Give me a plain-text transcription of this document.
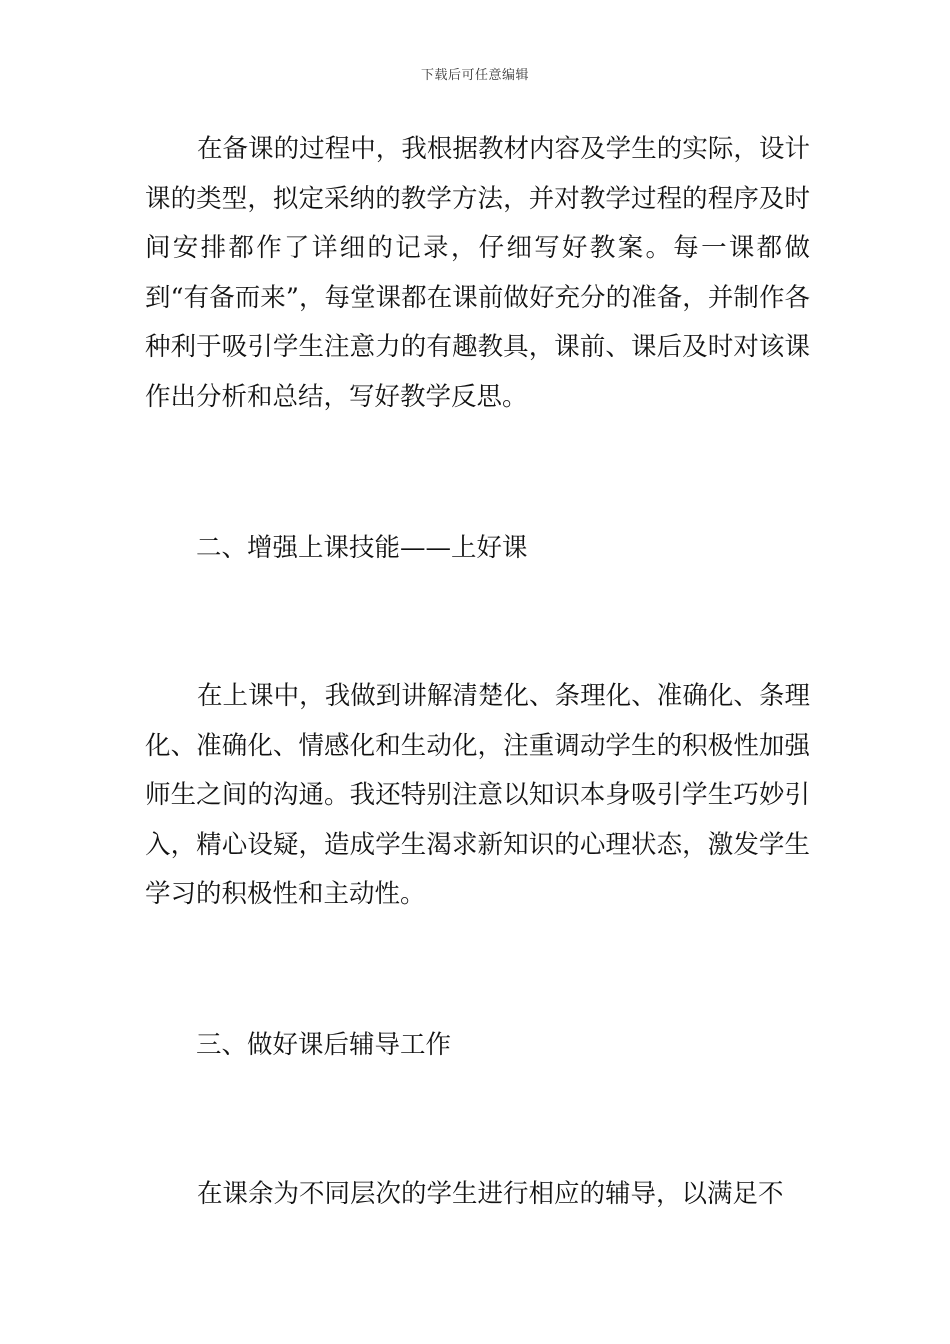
下载后可任意编辑

在备课的过程中，我根据教材内容及学生的实际，设计课的类型，拟定采纳的教学方法，并对教学过程的程序及时间安排都作了详细的记录，仔细写好教案。每一课都做到“有备而来”，每堂课都在课前做好充分的准备，并制作各种利于吸引学生注意力的有趣教具，课前、课后及时对该课作出分析和总结，写好教学反思。

二、增强上课技能——上好课

在上课中，我做到讲解清楚化、条理化、准确化、条理化、准确化、情感化和生动化，注重调动学生的积极性加强师生之间的沟通。我还特别注意以知识本身吸引学生巧妙引入，精心设疑，造成学生渴求新知识的心理状态，激发学生学习的积极性和主动性。

三、做好课后辅导工作

在课余为不同层次的学生进行相应的辅导，以满足不
